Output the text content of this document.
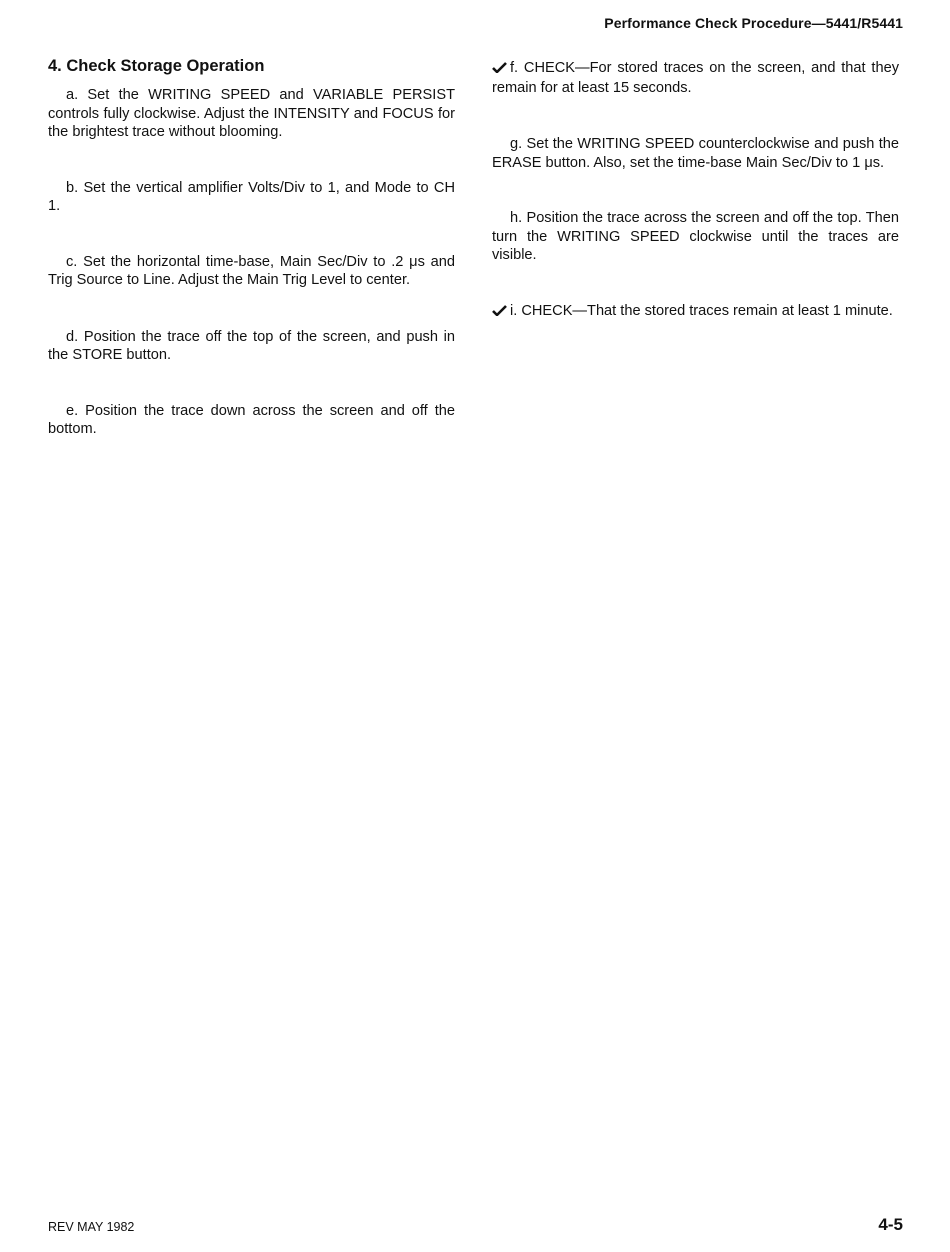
Performance Check Procedure—5441/R5441
4. Check Storage Operation

a. Set the WRITING SPEED and VARIABLE PERSIST controls fully clockwise. Adjust the INTENSITY and FOCUS for the brightest trace without blooming.

b. Set the vertical amplifier Volts/Div to 1, and Mode to CH 1.

c. Set the horizontal time-base, Main Sec/Div to .2 μs and Trig Source to Line. Adjust the Main Trig Level to center.

d. Position the trace off the top of the screen, and push in the STORE button.

e. Position the trace down across the screen and off the bottom.

f. CHECK—For stored traces on the screen, and that they remain for at least 15 seconds.

g. Set the WRITING SPEED counterclockwise and push the ERASE button. Also, set the time-base Main Sec/Div to 1 μs.

h. Position the trace across the screen and off the top. Then turn the WRITING SPEED clockwise until the traces are visible.

i. CHECK—That the stored traces remain at least 1 minute.

REV MAY 1982	4-5
